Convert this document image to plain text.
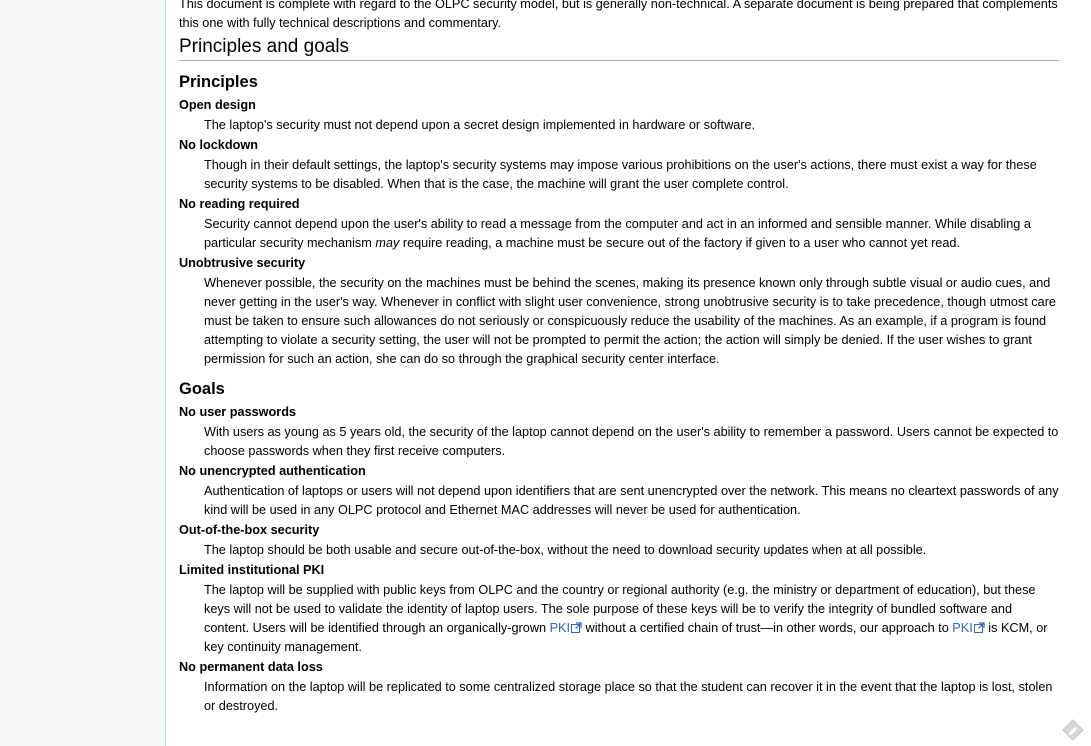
This document is complete with regard to the OLPC security model, but is generally non-technical. A separate document is being prepared that complements this one with fully technical descriptions and commentary.

Principles and goals
Principles
Open design
The laptop's security must not depend upon a secret design implemented in hardware or software.
No lockdown
Though in their default settings, the laptop's security systems may impose various prohibitions on the user's actions, there must exist a way for these security systems to be disabled. When that is the case, the machine will grant the user complete control.
No reading required
Security cannot depend upon the user's ability to read a message from the computer and act in an informed and sensible manner. While disabling a particular security mechanism may require reading, a machine must be secure out of the factory if given to a user who cannot yet read.
Unobtrusive security
Whenever possible, the security on the machines must be behind the scenes, making its presence known only through subtle visual or audio cues, and never getting in the user's way. Whenever in conflict with slight user convenience, strong unobtrusive security is to take precedence, though utmost care must be taken to ensure such allowances do not seriously or conspicuously reduce the usability of the machines. As an example, if a program is found attempting to violate a security setting, the user will not be prompted to permit the action; the action will simply be denied. If the user wishes to grant permission for such an action, she can do so through the graphical security center interface.
Goals
No user passwords
With users as young as 5 years old, the security of the laptop cannot depend on the user's ability to remember a password. Users cannot be expected to choose passwords when they first receive computers.
No unencrypted authentication
Authentication of laptops or users will not depend upon identifiers that are sent unencrypted over the network. This means no cleartext passwords of any kind will be used in any OLPC protocol and Ethernet MAC addresses will never be used for authentication.
Out-of-the-box security
The laptop should be both usable and secure out-of-the-box, without the need to download security updates when at all possible.
Limited institutional PKI
The laptop will be supplied with public keys from OLPC and the country or regional authority (e.g. the ministry or department of education), but these keys will not be used to validate the identity of laptop users. The sole purpose of these keys will be to verify the integrity of bundled software and content. Users will be identified through an organically-grown PKI without a certified chain of trust—in other words, our approach to PKI is KCM, or key continuity management.
No permanent data loss
Information on the laptop will be replicated to some centralized storage place so that the student can recover it in the event that the laptop is lost, stolen or destroyed.
